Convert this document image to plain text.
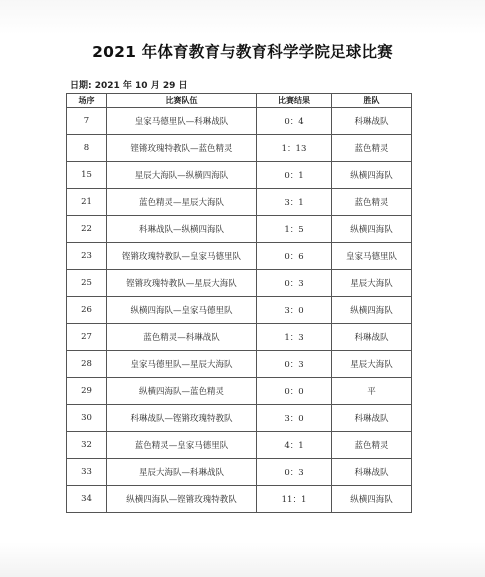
2021 年体育教育与教育科学学院足球比赛
日期: 2021 年 10 月 29 日
场序	比赛队伍	比赛结果	胜队
7	皇家马德里队—科琳战队	0：4	科琳战队
8	铿锵玫瑰特教队—蓝色精灵	1：13	蓝色精灵
15	星辰大海队—纵横四海队	0：1	纵横四海队
21	蓝色精灵—星辰大海队	3：1	蓝色精灵
22	科琳战队—纵横四海队	1：5	纵横四海队
23	铿锵玫瑰特教队—皇家马德里队	0：6	皇家马德里队
25	铿锵玫瑰特教队—星辰大海队	0：3	星辰大海队
26	纵横四海队—皇家马德里队	3：0	纵横四海队
27	蓝色精灵—科琳战队	1：3	科琳战队
28	皇家马德里队—星辰大海队	0：3	星辰大海队
29	纵横四海队—蓝色精灵	0：0	平
30	科琳战队—铿锵玫瑰特教队	3：0	科琳战队
32	蓝色精灵—皇家马德里队	4：1	蓝色精灵
33	星辰大海队—科琳战队	0：3	科琳战队
34	纵横四海队—铿锵玫瑰特教队	11：1	纵横四海队
